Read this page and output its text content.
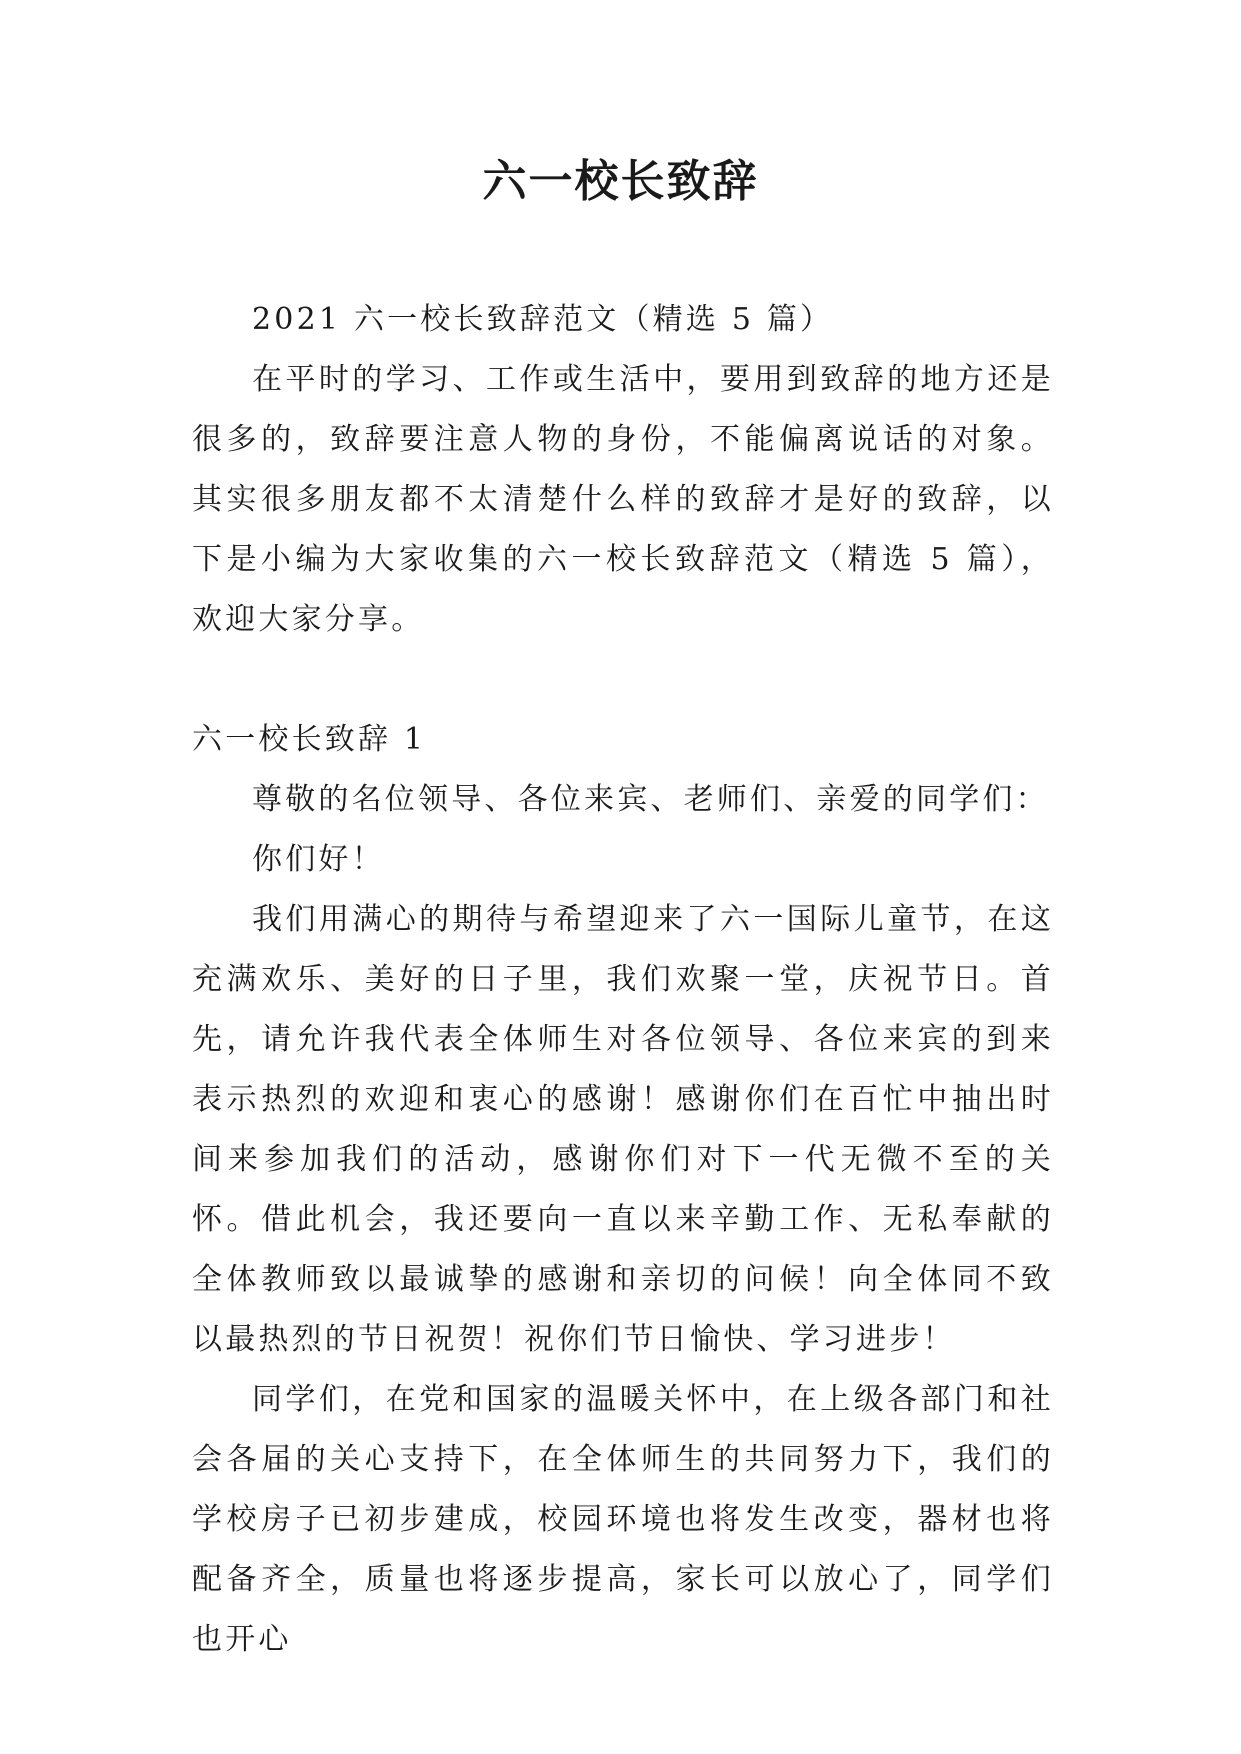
六一校长致辞

2021 六一校长致辞范文（精选 5 篇）

在平时的学习、工作或生活中，要用到致辞的地方还是很多的，致辞要注意人物的身份，不能偏离说话的对象。其实很多朋友都不太清楚什么样的致辞才是好的致辞，以下是小编为大家收集的六一校长致辞范文（精选 5 篇），欢迎大家分享。

六一校长致辞 1

尊敬的名位领导、各位来宾、老师们、亲爱的同学们：

你们好！

我们用满心的期待与希望迎来了六一国际儿童节，在这充满欢乐、美好的日子里，我们欢聚一堂，庆祝节日。首先，请允许我代表全体师生对各位领导、各位来宾的到来表示热烈的欢迎和衷心的感谢！感谢你们在百忙中抽出时间来参加我们的活动，感谢你们对下一代无微不至的关怀。借此机会，我还要向一直以来辛勤工作、无私奉献的全体教师致以最诚挚的感谢和亲切的问候！向全体同不致以最热烈的节日祝贺！祝你们节日愉快、学习进步！

同学们，在党和国家的温暖关怀中，在上级各部门和社会各届的关心支持下，在全体师生的共同努力下，我们的学校房子已初步建成，校园环境也将发生改变，器材也将配备齐全，质量也将逐步提高，家长可以放心了，同学们也开心
